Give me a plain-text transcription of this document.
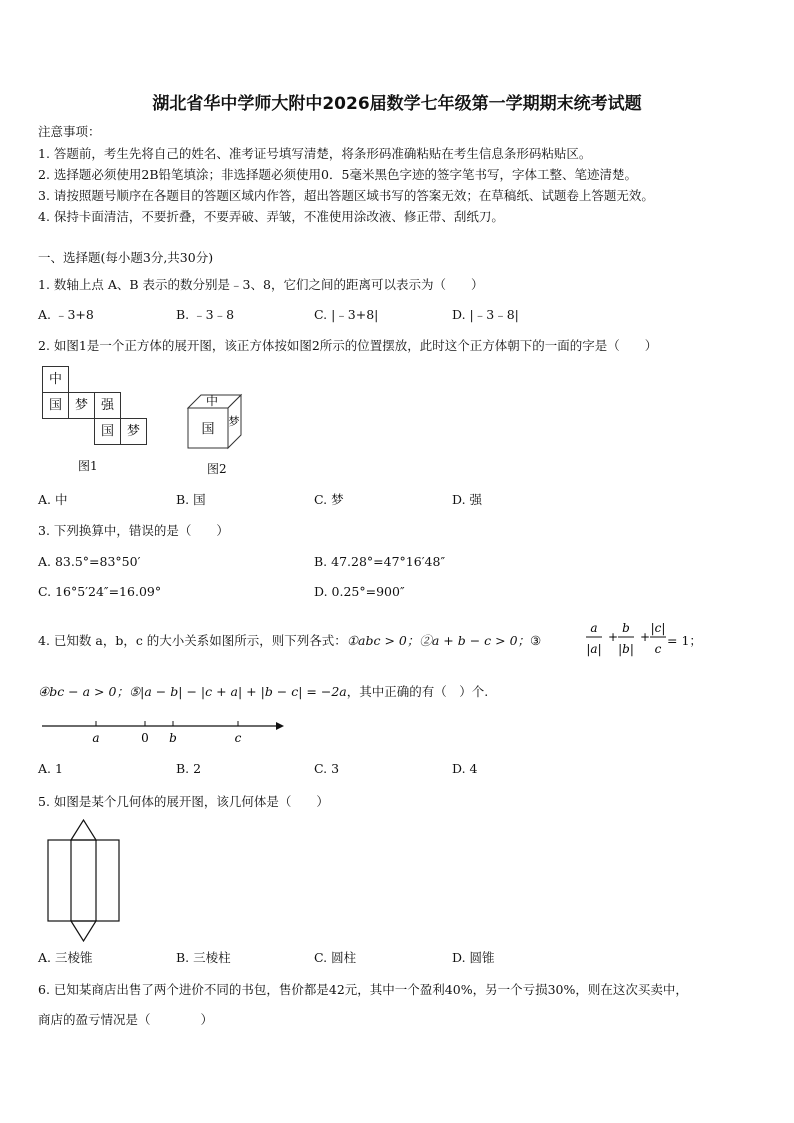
湖北省华中学师大附中2026届数学七年级第一学期期末统考试题
注意事项：
1. 答题前，考生先将自己的姓名、准考证号填写清楚，将条形码准确粘贴在考生信息条形码粘贴区。
2. 选择题必须使用2B铅笔填涂；非选择题必须使用0．5毫米黑色字迹的签字笔书写，字体工整、笔迹清楚。
3. 请按照题号顺序在各题目的答题区域内作答，超出答题区域书写的答案无效；在草稿纸、试题卷上答题无效。
4. 保持卡面清洁，不要折叠，不要弄破、弄皱，不准使用涂改液、修正带、刮纸刀。
一、选择题(每小题3分,共30分)
1. 数轴上点 A、B 表示的数分别是﹣3、8，它们之间的距离可以表示为（　　）
A. ﹣3+8	B. ﹣3﹣8	C. |﹣3+8|	D. |﹣3﹣8|
2. 如图1是一个正方体的展开图，该正方体按如图2所示的位置摆放，此时这个正方体朝下的一面的字是（　　）
中
国 梦 强
国 梦
图1
中
国
梦
图2
A. 中	B. 国	C. 梦	D. 强
3. 下列换算中，错误的是（　　）
A. 83.5°=83°50′	B. 47.28°=47°16′48″
C. 16°5′24″=16.09°	D. 0.25°=900″
4. 已知数 a，b，c 的大小关系如图所示，则下列各式：①abc > 0；②a + b − c > 0；③
a
|a|
+
b
|b|
+
|c|
c
= 1；
④bc − a > 0；⑤|a − b| − |c + a| + |b − c| = −2a，其中正确的有（　）个.
a	0 b	c
A. 1	B. 2	C. 3	D. 4
5. 如图是某个几何体的展开图，该几何体是（　　）
A. 三棱锥	B. 三棱柱	C. 圆柱	D. 圆锥
6. 已知某商店出售了两个进价不同的书包，售价都是42元，其中一个盈利40%，另一个亏损30%，则在这次买卖中，
商店的盈亏情况是（　　　　）
